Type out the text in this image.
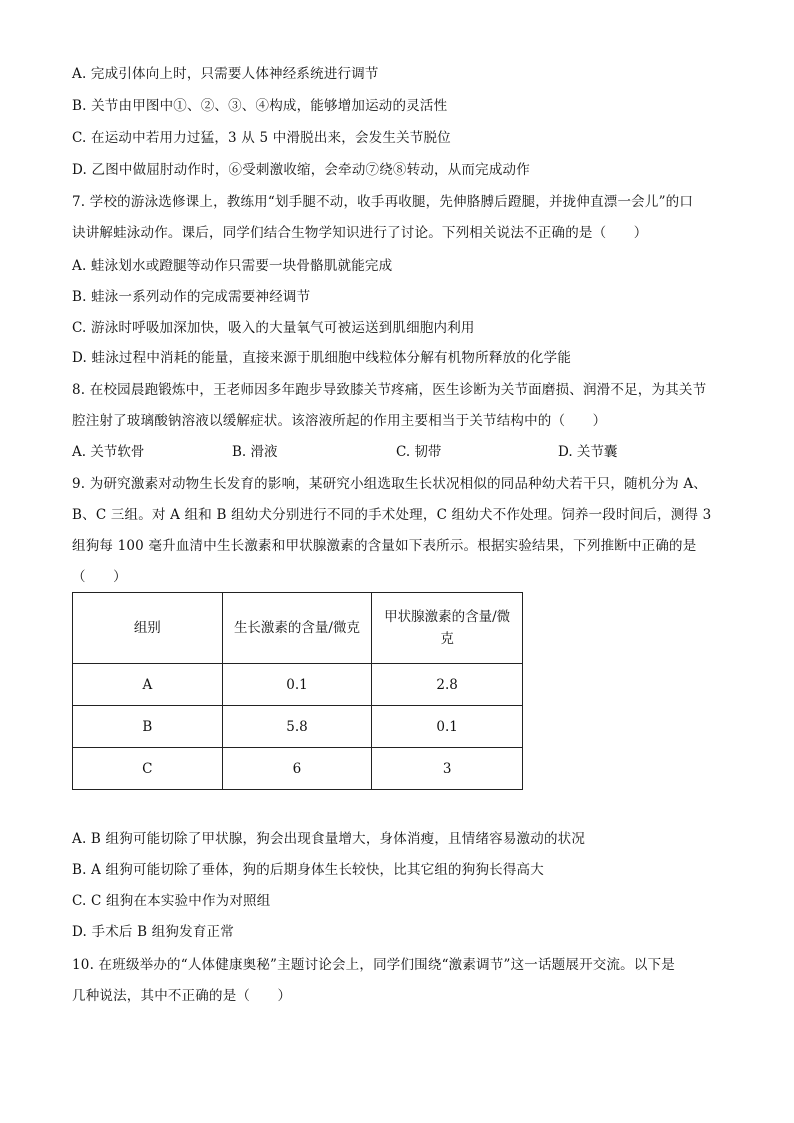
A. 完成引体向上时，只需要人体神经系统进行调节
B. 关节由甲图中①、②、③、④构成，能够增加运动的灵活性
C. 在运动中若用力过猛，3 从 5 中滑脱出来，会发生关节脱位
D. 乙图中做屈肘动作时，⑥受刺激收缩，会牵动⑦绕⑧转动，从而完成动作
7. 学校的游泳选修课上，教练用“划手腿不动，收手再收腿，先伸胳膊后蹬腿，并拢伸直漂一会儿”的口
诀讲解蛙泳动作。课后，同学们结合生物学知识进行了讨论。下列相关说法不正确的是（　　）
A. 蛙泳划水或蹬腿等动作只需要一块骨骼肌就能完成
B. 蛙泳一系列动作的完成需要神经调节
C. 游泳时呼吸加深加快，吸入的大量氧气可被运送到肌细胞内利用
D. 蛙泳过程中消耗的能量，直接来源于肌细胞中线粒体分解有机物所释放的化学能
8. 在校园晨跑锻炼中，王老师因多年跑步导致膝关节疼痛，医生诊断为关节面磨损、润滑不足，为其关节
腔注射了玻璃酸钠溶液以缓解症状。该溶液所起的作用主要相当于关节结构中的（　　）
A. 关节软骨	B. 滑液	C. 韧带	D. 关节囊
9. 为研究激素对动物生长发育的影响，某研究小组选取生长状况相似的同品种幼犬若干只，随机分为 A、
B、C 三组。对 A 组和 B 组幼犬分别进行不同的手术处理，C 组幼犬不作处理。饲养一段时间后，测得 3
组狗每 100 毫升血清中生长激素和甲状腺激素的含量如下表所示。根据实验结果，下列推断中正确的是
（　　）
组别	生长激素的含量/微克	甲状腺激素的含量/微
克
A	0.1	2.8
B	5.8	0.1
C	6	3
A. B 组狗可能切除了甲状腺，狗会出现食量增大，身体消瘦，且情绪容易激动的状况
B. A 组狗可能切除了垂体，狗的后期身体生长较快，比其它组的狗狗长得高大
C. C 组狗在本实验中作为对照组
D. 手术后 B 组狗发育正常
10. 在班级举办的“人体健康奥秘”主题讨论会上，同学们围绕“激素调节”这一话题展开交流。以下是
几种说法，其中不正确的是（　　）
